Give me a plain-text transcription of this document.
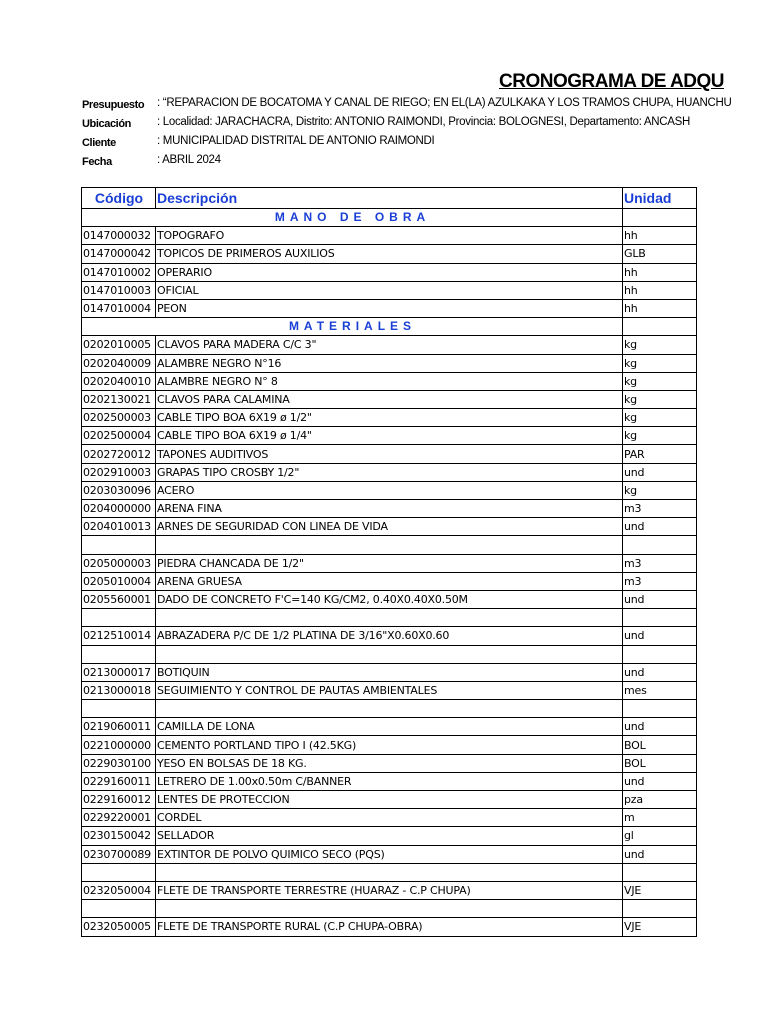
CRONOGRAMA DE ADQU
Presupuesto : “REPARACION DE BOCATOMA Y CANAL DE RIEGO; EN EL(LA) AZULKAKA Y LOS TRAMOS CHUPA, HUANCHU
Ubicación : Localidad: JARACHACRA, Distrito: ANTONIO RAIMONDI, Provincia: BOLOGNESI, Departamento: ANCASH
Cliente	: MUNICIPALIDAD DISTRITAL DE ANTONIO RAIMONDI
Fecha	: ABRIL 2024
Código	Descripción	Unidad
MANO DE OBRA		
0147000032	TOPOGRAFO	hh
0147000042	TOPICOS DE PRIMEROS AUXILIOS	GLB
0147010002	OPERARIO	hh
0147010003	OFICIAL	hh
0147010004	PEON	hh
MATERIALES		
0202010005	CLAVOS PARA MADERA C/C 3"	kg
0202040009	ALAMBRE NEGRO N°16	kg
0202040010	ALAMBRE NEGRO N° 8	kg
0202130021	CLAVOS PARA CALAMINA	kg
0202500003	CABLE TIPO BOA 6X19 ø 1/2"	kg
0202500004	CABLE TIPO BOA 6X19 ø 1/4"	kg
0202720012	TAPONES AUDITIVOS	PAR
0202910003	GRAPAS TIPO CROSBY 1/2"	und
0203030096	ACERO	kg
0204000000	ARENA FINA	m3
0204010013	ARNES DE SEGURIDAD CON LINEA DE VIDA	und

0205000003	PIEDRA CHANCADA DE 1/2"	m3
0205010004	ARENA GRUESA	m3
0205560001	DADO DE CONCRETO F'C=140 KG/CM2, 0.40X0.40X0.50M	und

0212510014	ABRAZADERA P/C DE 1/2 PLATINA DE 3/16"X0.60X0.60	und

0213000017	BOTIQUIN	und
0213000018	SEGUIMIENTO Y CONTROL DE PAUTAS AMBIENTALES	mes

0219060011	CAMILLA DE LONA	und
0221000000	CEMENTO PORTLAND TIPO I (42.5KG)	BOL
0229030100	YESO EN BOLSAS DE 18 KG.	BOL
0229160011	LETRERO DE 1.00x0.50m C/BANNER	und
0229160012	LENTES DE PROTECCION	pza
0229220001	CORDEL	m
0230150042	SELLADOR	gl
0230700089	EXTINTOR DE POLVO QUIMICO SECO (PQS)	und

0232050004	FLETE DE TRANSPORTE TERRESTRE (HUARAZ - C.P CHUPA)	VJE

0232050005	FLETE DE TRANSPORTE RURAL (C.P CHUPA-OBRA)	VJE
